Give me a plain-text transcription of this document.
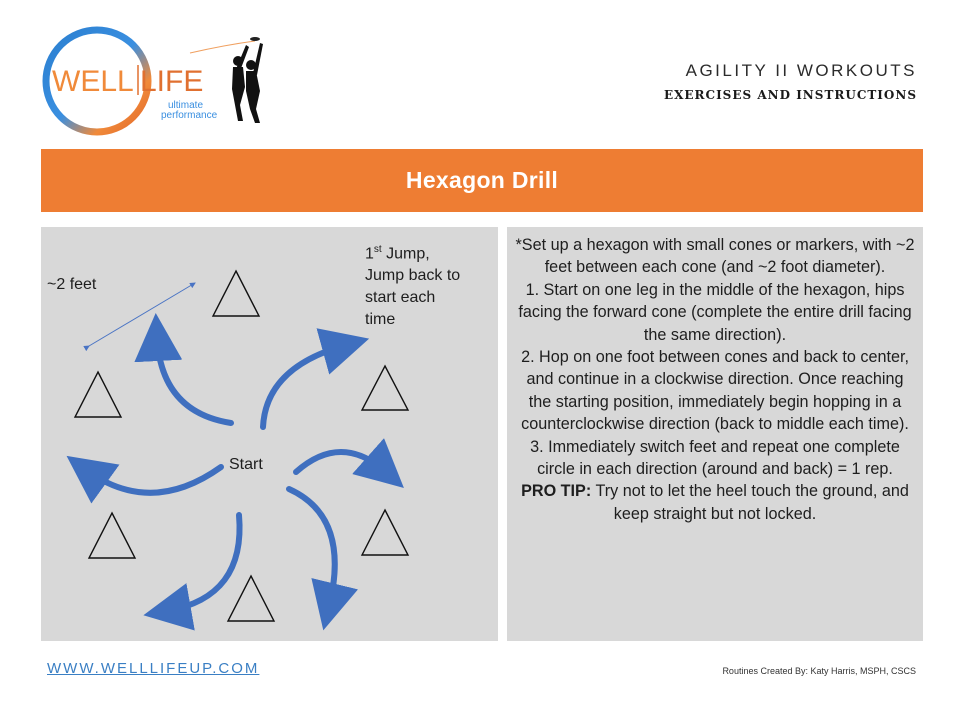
WELL LIFE
ultimate
performance
AGILITY II WORKOUTS
EXERCISES AND INSTRUCTIONS
Hexagon Drill
~2 feet
1st Jump,
Jump back to
start each
time
Start

*Set up a hexagon with small cones or markers, with ~2 feet between each cone (and ~2 foot diameter).

1. Start on one leg in the middle of the hexagon, hips facing the forward cone (complete the entire drill facing the same direction).

2. Hop on one foot between cones and back to center, and continue in a clockwise direction. Once reaching the starting position, immediately begin hopping in a counterclockwise direction (back to middle each time).

3. Immediately switch feet and repeat one complete circle in each direction (around and back) = 1 rep.

PRO TIP: Try not to let the heel touch the ground, and keep straight but not locked.

WWW.WELLLIFEUP.COM	Routines Created By: Katy Harris, MSPH, CSCS
